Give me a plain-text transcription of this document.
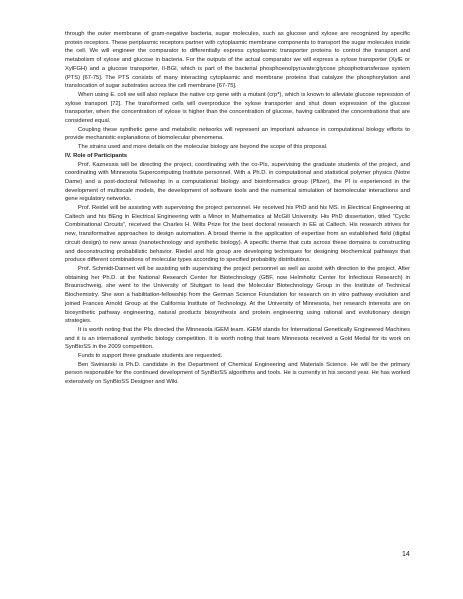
through the outer membrane of gram-negative bacteria, sugar molecules, such as glucose and xylose are recognized by specific protein receptors. These periplasmic receptors partner with cytoplasmic membrane components to transport the sugar molecules inside the cell. We will engineer the comparator to differentially express cytoplasmic transporter proteins to control the transport and metabolism of xylose and glucose in bacteria. For the outputs of the actual comparator we will express a xylose transporter (XylE or XylFGH) and a glucose transporter, II-BGl, which is part of the bacterial phosphoenolpyruvate:glycose phosphotransferase system (PTS) [67-75]. The PTS consists of many interacting cytoplasmic and membrane proteins that catalyze the phosphorylation and translocation of sugar substrates across the cell membrane [67-75].

When using E. coli we will also replace the native crp gene with a mutant (crp*), which is known to alleviate glucose repression of xylose transport [72]. The transformed cells will overproduce the xylose transporter and shut down expression of the glucose transporter, when the concentration of xylose is higher than the concentration of glucose, having calibrated the concentrations that are considered equal.

Coupling these synthetic gene and metabolic networks will represent an important advance in computational biology efforts to provide mechanistic explanations of biomolecular phenomena.

The strains used and more details on the molecular biology are beyond the scope of this proposal.

IV. Role of Participants

Prof. Kaznessis will be directing the project, coordinating with the co-PIs, supervising the graduate students of the project, and coordinating with Minnesota Supercomputing Institute personnel. With a Ph.D. in computational and statistical polymer physics (Notre Dame) and a post-doctoral fellowship in a computational biology and bioinformatics group (Pfizer), the PI is experienced in the development of multiscale models, the development of software tools and the numerical simulation of biomolecular interactions and gene regulatory networks.

Prof. Reidel will be assisting with supervising the project personnel. He received his PhD and his MS. in Electrical Engineering at Caltech and his BEng in Electrical Engineering with a Minor in Mathematics at McGill University. His PhD dissertation, titled “Cyclic Combinational Circuits”, received the Charles H. Wilts Prize for the best doctoral research in EE at Caltech. His research strives for new, transformative approaches to design automation. A broad theme is the application of expertise from an established field (digital circuit design) to new areas (nanotechnology and synthetic biology). A specific theme that cuts across these domains is constructing and deconstructing probabilistic behavior. Riedel and his group are developing techniques for designing biochemical pathways that produce different combinations of molecular types according to specified probability distributions.

Prof. Schmidt-Dannert will be assisting with supervising the project personnel as well as assist with direction to the project. After obtaining her Ph.D. at the National Research Center for Biotechnology (GBF, now Helmholtz Center for Infectious Research) in Braunschweig, she went to the University of Stuttgart to lead the Molecular Biotechnology Group in the Institute of Technical Biochemistry. She won a habilitation-fellowship from the German Science Foundation for research on in vitro pathway evolution and joined Frances Arnold Group at the California Institute of Technology. At the University of Minnesota, her research interests are on biosynthetic pathway engineering, natural products biosynthesis and protein engineering using rational and evolutionary design strategies.

It is worth noting that the PIs directed the Minnesota iGEM team. iGEM stands for International Genetically Engineered Machines and it is an international synthetic biology competition. It is worth noting that team Minnesota received a Gold Medal for its work on SynBioSS in the 2009 competition.

Funds to support three graduate students are requested.

Ben Swiniarski is Ph.D. candidate in the Department of Chemical Engineering and Materials Science. He will be the primary person responsible for the continued development of SynBioSS algorithms and tools. He is currently in his second year. He has worked extensively on SynBioSS Designer and Wiki.

14
